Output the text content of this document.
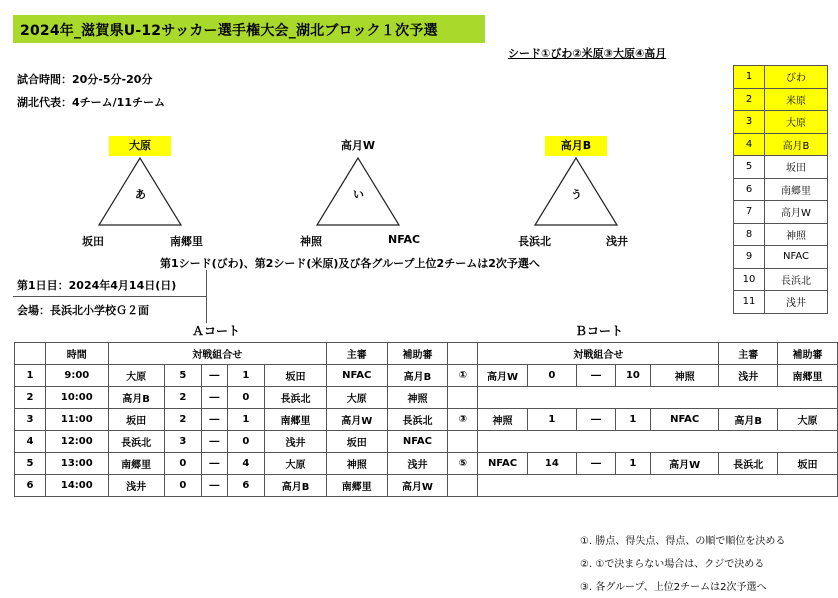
2024年_滋賀県U-12サッカー選手権大会_湖北ブロック１次予選
シード①びわ②米原③大原④高月
試合時間：20分-5分-20分
湖北代表：4チーム/11チーム
1	びわ
2	米原
3	大原
4	高月B
5	坂田
6	南郷里
7	高月W
8	神照
9	NFAC
10	長浜北
11	浅井
大原
あ
坂田	南郷里
高月W
い
神照	NFAC
高月B
う
長浜北	浅井
第1シード(びわ)、第2シード(米原)及び各グループ上位2チームは2次予選へ
第1日目：2024年4月14日(日)
会場：長浜北小学校Ｇ２面
Ａコート	Ｂコート
	時間	対戦組合せ					主審	補助審		対戦組合せ					主審	補助審
1	9:00	大原	5	―	1	坂田	NFAC	高月B	①	高月W	0	―	10	神照	浅井	南郷里
2	10:00	高月B	2	―	0	長浜北	大原	神照								
3	11:00	坂田	2	―	1	南郷里	高月W	長浜北	③	神照	1	―	1	NFAC	高月B	大原
4	12:00	長浜北	3	―	0	浅井	坂田	NFAC								
5	13:00	南郷里	0	―	4	大原	神照	浅井	⑤	NFAC	14	―	1	高月W	長浜北	坂田
6	14:00	浅井	0	―	6	高月B	南郷里	高月W								
①. 勝点、得失点、得点、の順で順位を決める
②. ①で決まらない場合は、クジで決める
③. 各グループ、上位2チームは2次予選へ
